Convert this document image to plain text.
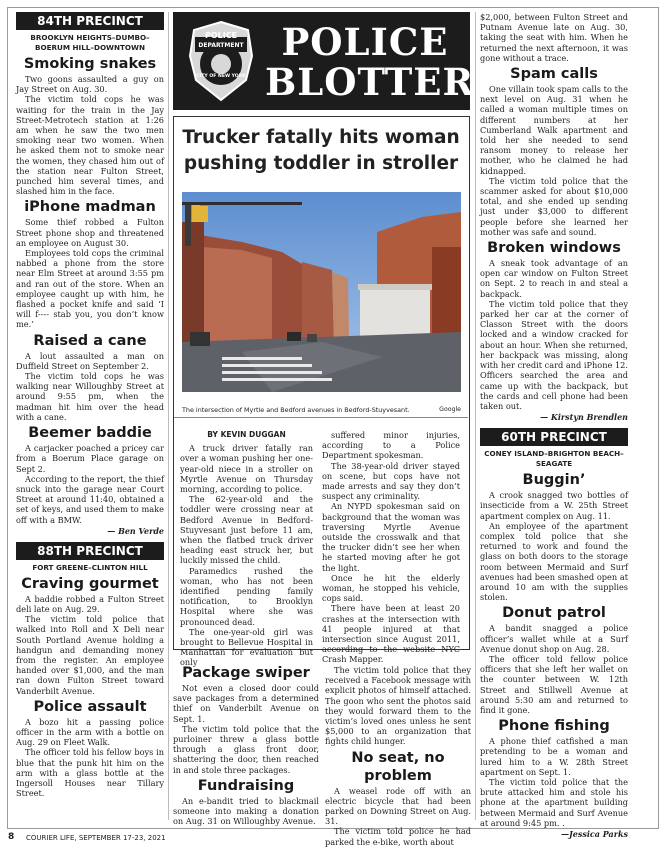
84TH PRECINCT
BROOKLYN HEIGHTS–DUMBO–BOERUM HILL–DOWNTOWN
Smoking snakes

Two goons assaulted a guy on Jay Street on Aug. 30.

The victim told cops he was waiting for the train in the Jay Street-Metrotech station at 1:26 am when he saw the two men smoking near two women. When he asked them not to smoke near the women, they chased him out of the station near Fulton Street, punched him several times, and slashed him in the face.

iPhone madman

Some thief robbed a Fulton Street phone shop and threatened an employee on August 30.

Employees told cops the criminal nabbed a phone from the store near Elm Street at around 3:55 pm and ran out of the store. When an employee caught up with him, he flashed a pocket knife and said ‘I will f---- stab you, you don’t know me.’

Raised a cane

A lout assaulted a man on Duffield Street on September 2.

The victim told cops he was walking near Willoughby Street at around 9:55 pm, when the madman hit him over the head with a cane.

Beemer baddie

A carjacker poached a pricey car from a Boerum Place garage on Sept 2.

According to the report, the thief snuck into the garage near Court Street at around 11:40, obtained a set of keys, and used them to make off with a BMW.

— Ben Verde
88TH PRECINCT
FORT GREENE–CLINTON HILL
Craving gourmet

A baddie robbed a Fulton Street deli late on Aug. 29.

The victim told police that walked into Roll and X Deli near South Portland Avenue holding a handgun and demanding money from the register. An employee handed over $1,000, and the man ran down Fulton Street toward Vanderbilt Avenue.

Police assault

A bozo hit a passing police officer in the arm with a bottle on Aug. 29 on Fleet Walk.

The officer told his fellow boys in blue that the punk hit him on the arm with a glass bottle at the Ingersoll Houses near Tillary Street.

POLICE
DEPARTMENT
CITY OF NEW YORK
POLICE
BLOTTER
Trucker fatally hits woman
pushing toddler in stroller
The intersection of Myrtle and Bedford avenues in Bedford-Stuyvesant.	Google
BY KEVIN DUGGAN

A truck driver fatally ran over a woman pushing her one-year-old niece in a stroller on Myrtle Avenue on Thursday morning, according to police.

The 62-year-old and the toddler were crossing near at Bedford Avenue in Bedford-Stuyvesant just before 11 am, when the flatbed truck driver heading east struck her, but luckily missed the child.

Paramedics rushed the woman, who has not been identified pending family notification, to Brooklyn Hospital where she was pronounced dead.

The one-year-old girl was brought to Bellevue Hospital in Manhattan for evaluation but only

suffered minor injuries, according to a Police Department spokesman.

The 38-year-old driver stayed on scene, but cops have not made arrests and say they don’t suspect any criminality.

An NYPD spokesman said on background that the woman was traversing Myrtle Avenue outside the crosswalk and that the trucker didn’t see her when he started moving after he got the light.

Once he hit the elderly woman, he stopped his vehicle, cops said.

There have been at least 20 crashes at the intersection with 41 people injured at that intersection since August 2011, according to the website NYC Crash Mapper.

Package swiper

Not even a closed door could save packages from a determined thief on Vanderbilt Avenue on Sept. 1.

The victim told police that the purloiner threw a glass bottle through a glass front door, shattering the door, then reached in and stole three packages.

Fundraising

An e-bandit tried to blackmail someone into making a donation on Aug. 31 on Willoughby Avenue.

The victim told police that they received a Facebook message with explicit photos of himself attached. The goon who sent the photos said they would forward them to the victim’s loved ones unless he sent $5,000 to an organization that fights child hunger.

No seat, no problem

A weasel rode off with an electric bicycle that had been parked on Downing Street on Aug. 31.

The victim told police he had parked the e-bike, worth about

$2,000, between Fulton Street and Putnam Avenue late on Aug. 30, taking the seat with him. When he returned the next afternoon, it was gone without a trace.

Spam calls

One villain took spam calls to the next level on Aug. 31 when he called a woman multiple times on different numbers at her Cumberland Walk apartment and told her she needed to send ransom money to release her mother, who he claimed he had kidnapped.

The victim told police that the scammer asked for about $10,000 total, and she ended up sending just under $3,000 to different people before she learned her mother was safe and sound.

Broken windows

A sneak took advantage of an open car window on Fulton Street on Sept. 2 to reach in and steal a backpack.

The victim told police that they parked her car at the corner of Classon Street with the doors locked and a window cracked for about an hour. When she returned, her backpack was missing, along with her credit card and iPhone 12. Officers searched the area and came up with the backpack, but the cards and cell phone had been taken out.

— Kirstyn Brendlen
60TH PRECINCT
CONEY ISLAND–BRIGHTON BEACH–SEAGATE
Buggin’

A crook snagged two bottles of insecticide from a W. 25th Street apartment complex on Aug. 11.

An employee of the apartment complex told police that she returned to work and found the glass on both doors to the storage room between Mermaid and Surf avenues had been smashed open at around 10 am with the supplies stolen.

Donut patrol

A bandit snagged a police officer’s wallet while at a Surf Avenue donut shop on Aug. 28.

The officer told fellow police officers that she left her wallet on the counter between W. 12th Street and Stillwell Avenue at around 5:30 am and returned to find it gone.

Phone fishing

A phone thief catfished a man pretending to be a woman and lured him to a W. 28th Street apartment on Sept. 1.

The victim told police that the brute attacked him and stole his phone at the apartment building between Mermaid and Surf Avenue at around 9:45 pm. .

—Jessica Parks
8 COURIER LIFE, SEPTEMBER 17-23, 2021
